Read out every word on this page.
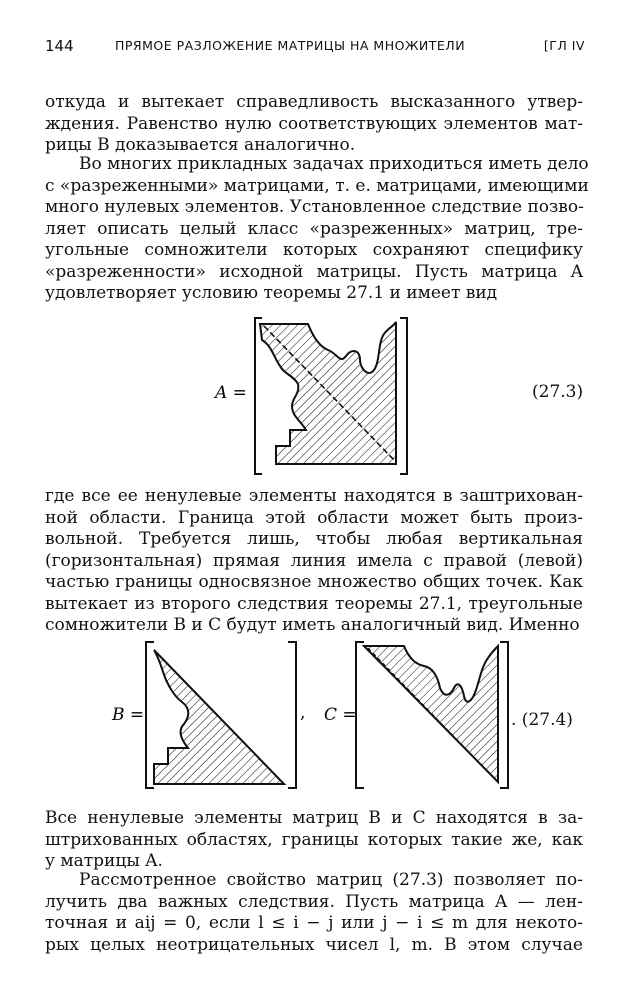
144	ПРЯМОЕ РАЗЛОЖЕНИЕ МАТРИЦЫ НА МНОЖИТЕЛИ	[ГЛ IV
откуда и вытекает справедливость высказанного утвер-
ждения. Равенство нулю соответствующих элементов мат-
рицы B доказывается аналогично.
Во многих прикладных задачах приходиться иметь дело
с «разреженными» матрицами, т. е. матрицами, имеющими
много нулевых элементов. Установленное следствие позво-
ляет описать целый класс «разреженных» матриц, тре-
угольные сомножители которых сохраняют специфику
«разреженности» исходной матрицы. Пусть матрица A
удовлетворяет условию теоремы 27.1 и имеет вид
A =	(27.3)
где все ее ненулевые элементы находятся в заштрихован-
ной области. Граница этой области может быть произ-
вольной. Требуется лишь, чтобы любая вертикальная
(горизонтальная) прямая линия имела с правой (левой)
частью границы односвязное множество общих точек. Как
вытекает из второго следствия теоремы 27.1, треугольные
сомножители B и C будут иметь аналогичный вид. Именно
B =	, C =	. (27.4)
Все ненулевые элементы матриц B и C находятся в за-
штрихованных областях, границы которых такие же, как
у матрицы A.
Рассмотренное свойство матриц (27.3) позволяет по-
лучить два важных следствия. Пусть матрица A — лен-
точная и aij = 0, если l ≤ i − j или j − i ≤ m для некото-
рых целых неотрицательных чисел l, m. В этом случае
